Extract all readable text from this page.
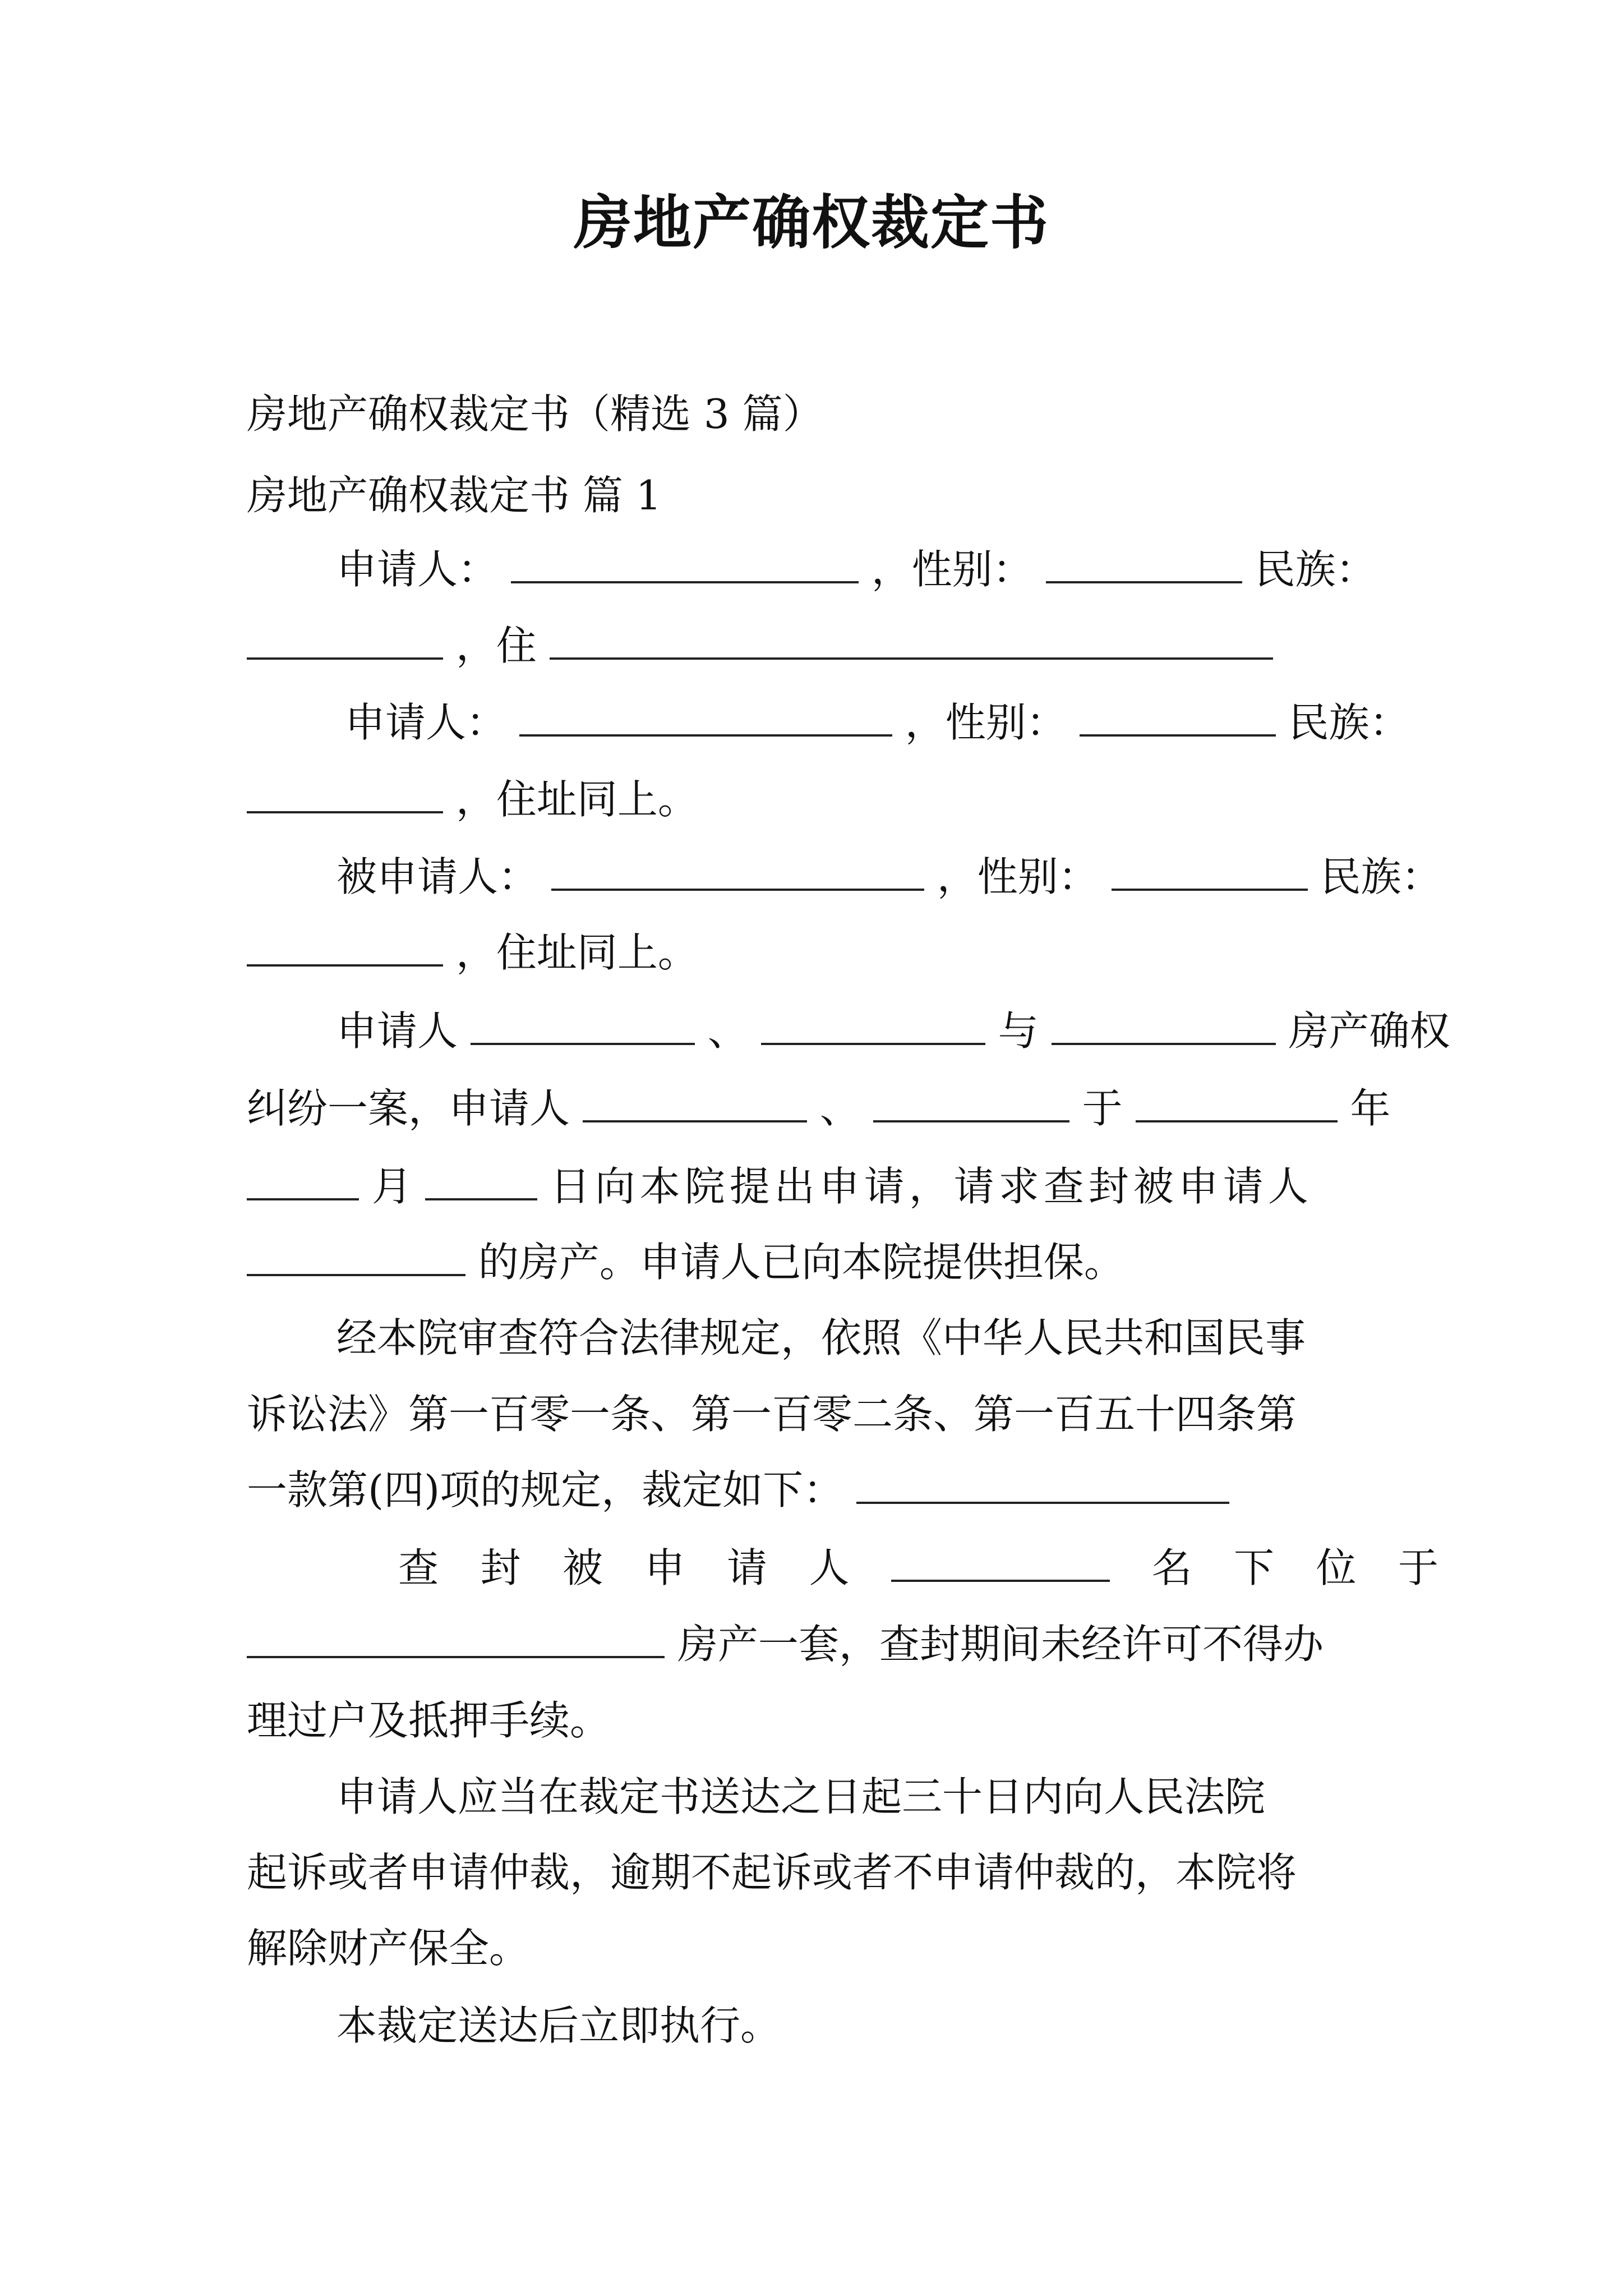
房地产确权裁定书
房地产确权裁定书（精选 3 篇）
房地产确权裁定书 篇 1
申请人：	，性别：	民族：
，住
申请人：	，性别：	民族：
，住址同上。
被申请人：	，性别：	民族：
，住址同上。
申请人	、	与	房产确权
纠纷一案，申请人	、	于	年
月	日向本院提出申请，请求查封被申请人
的房产。申请人已向本院提供担保。
经本院审查符合法律规定，依照《中华人民共和国民事
诉讼法》第一百零一条、第一百零二条、第一百五十四条第
一款第(四)项的规定，裁定如下：
查 封 被 申 请 人	名 下 位 于
房产一套，查封期间未经许可不得办
理过户及抵押手续。
申请人应当在裁定书送达之日起三十日内向人民法院
起诉或者申请仲裁，逾期不起诉或者不申请仲裁的，本院将
解除财产保全。
本裁定送达后立即执行。
